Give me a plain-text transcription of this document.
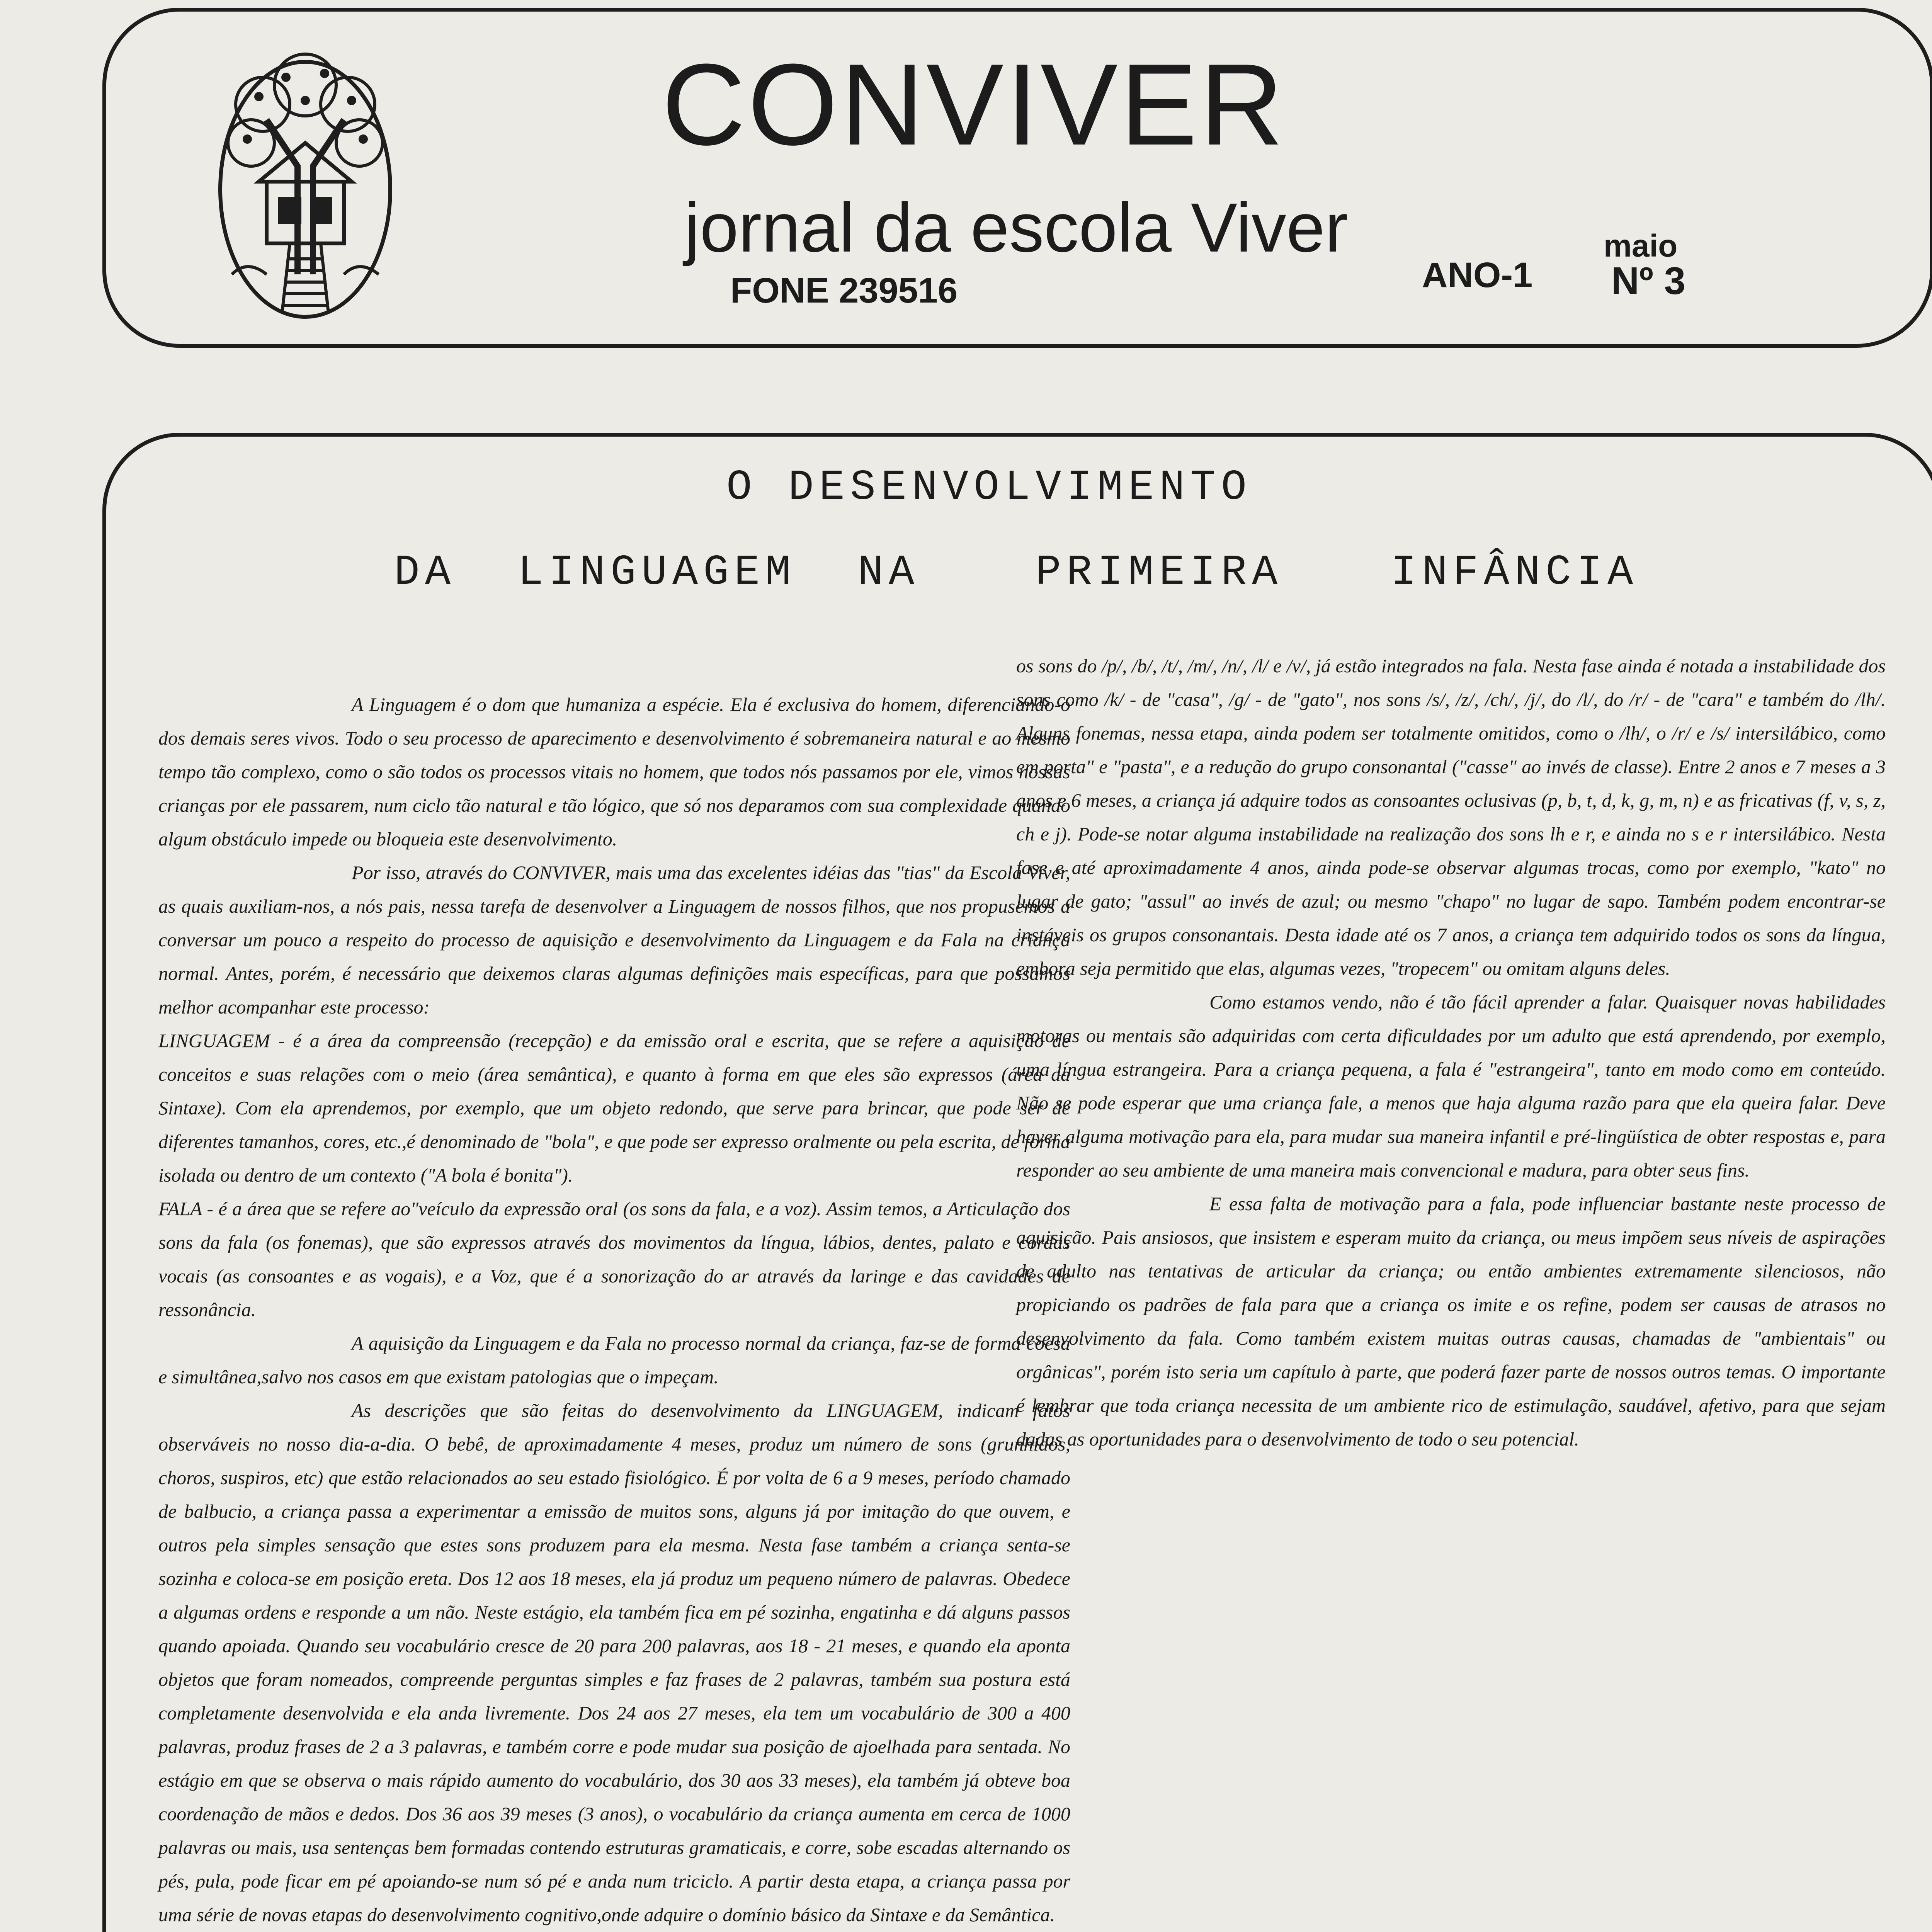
CONVIVER
jornal da escola Viver
FONE 239516	ANO-1
maio
Nº 3
O DESENVOLVIMENTO
DA LINGUAGEM NA	PRIMEIRA	INFÂNCIA

A Linguagem é o dom que humaniza a espécie. Ela é exclusiva do homem, diferenciando-o dos demais seres vivos. Todo o seu processo de aparecimento e desenvolvimento é sobremaneira natural e ao mesmo tempo tão complexo, como o são todos os processos vitais no homem, que todos nós passamos por ele, vimos nossas crianças por ele passarem, num ciclo tão natural e tão lógico, que só nos deparamos com sua complexidade quando algum obstáculo impede ou bloqueia este desenvolvimento.

Por isso, através do CONVIVER, mais uma das excelentes idéias das "tias" da Escola Viver, as quais auxiliam-nos, a nós pais, nessa tarefa de desenvolver a Linguagem de nossos filhos, que nos propusemos a conversar um pouco a respeito do processo de aquisição e desenvolvimento da Linguagem e da Fala na criança normal. Antes, porém, é necessário que deixemos claras algumas definições mais específicas, para que possamos melhor acompanhar este processo:

LINGUAGEM - é a área da compreensão (recepção) e da emissão oral e escrita, que se refere a aquisição de conceitos e suas relações com o meio (área semântica), e quanto à forma em que eles são expressos (área da Sintaxe). Com ela aprendemos, por exemplo, que um objeto redondo, que serve para brincar, que pode ser de diferentes tamanhos, cores, etc.,é denominado de "bola", e que pode ser expresso oralmente ou pela escrita, de forma isolada ou dentro de um contexto ("A bola é bonita").

FALA - é a área que se refere ao"veículo da expressão oral (os sons da fala, e a voz). Assim temos, a Articulação dos sons da fala (os fonemas), que são expressos através dos movimentos da língua, lábios, dentes, palato e cordas vocais (as consoantes e as vogais), e a Voz, que é a sonorização do ar através da laringe e das cavidades de ressonância.

A aquisição da Linguagem e da Fala no processo normal da criança, faz-se de forma coesa e simultânea,salvo nos casos em que existam patologias que o impeçam.

As descrições que são feitas do desenvolvimento da LINGUAGEM, indicam fatos observáveis no nosso dia-a-dia. O bebê, de aproximadamente 4 meses, produz um número de sons (grunhidos, choros, suspiros, etc) que estão relacionados ao seu estado fisiológico. É por volta de 6 a 9 meses, período chamado de balbucio, a criança passa a experimentar a emissão de muitos sons, alguns já por imitação do que ouvem, e outros pela simples sensação que estes sons produzem para ela mesma. Nesta fase também a criança senta-se sozinha e coloca-se em posição ereta. Dos 12 aos 18 meses, ela já produz um pequeno número de palavras. Obedece a algumas ordens e responde a um não. Neste estágio, ela também fica em pé sozinha, engatinha e dá alguns passos quando apoiada. Quando seu vocabulário cresce de 20 para 200 palavras, aos 18 - 21 meses, e quando ela aponta objetos que foram nomeados, compreende perguntas simples e faz frases de 2 palavras, também sua postura está completamente desenvolvida e ela anda livremente. Dos 24 aos 27 meses, ela tem um vocabulário de 300 a 400 palavras, produz frases de 2 a 3 palavras, e também corre e pode mudar sua posição de ajoelhada para sentada. No estágio em que se observa o mais rápido aumento do vocabulário, dos 30 aos 33 meses), ela também já obteve boa coordenação de mãos e dedos. Dos 36 aos 39 meses (3 anos), o vocabulário da criança aumenta em cerca de 1000 palavras ou mais, usa sentenças bem formadas contendo estruturas gramaticais, e corre, sobe escadas alternando os pés, pula, pode ficar em pé apoiando-se num só pé e anda num triciclo. A partir desta etapa, a criança passa por uma série de novas etapas do desenvolvimento cognitivo,onde adquire o domínio básico da Sintaxe e da Semântica.

os sons do /p/, /b/, /t/, /m/, /n/, /l/ e /v/, já estão integrados na fala. Nesta fase ainda é notada a instabilidade dos sons como /k/ - de "casa", /g/ - de "gato", nos sons /s/, /z/, /ch/, /j/, do /l/, do /r/ - de "cara" e também do /lh/. Alguns fonemas, nessa etapa, ainda podem ser totalmente omitidos, como o /lh/, o /r/ e /s/ intersilábico, como em porta" e "pasta", e a redução do grupo consonantal ("casse" ao invés de classe). Entre 2 anos e 7 meses a 3 anos e 6 meses, a criança já adquire todos as consoantes oclusivas (p, b, t, d, k, g, m, n) e as fricativas (f, v, s, z, ch e j). Pode-se notar alguma instabilidade na realização dos sons lh e r, e ainda no s e r intersilábico. Nesta fase e até aproximadamente 4 anos, ainda pode-se observar algumas trocas, como por exemplo, "kato" no lugar de gato; "assul" ao invés de azul; ou mesmo "chapo" no lugar de sapo. Também podem encontrar-se instáveis os grupos consonantais. Desta idade até os 7 anos, a criança tem adquirido todos os sons da língua, embora seja permitido que elas, algumas vezes, "tropecem" ou omitam alguns deles.

Como estamos vendo, não é tão fácil aprender a falar. Quaisquer novas habilidades motoras ou mentais são adquiridas com certa dificuldades por um adulto que está aprendendo, por exemplo, uma língua estrangeira. Para a criança pequena, a fala é "estrangeira", tanto em modo como em conteúdo. Não se pode esperar que uma criança fale, a menos que haja alguma razão para que ela queira falar. Deve haver alguma motivação para ela, para mudar sua maneira infantil e pré-lingüística de obter respostas e, para responder ao seu ambiente de uma maneira mais convencional e madura, para obter seus fins.

E essa falta de motivação para a fala, pode influenciar bastante neste processo de aquisição. Pais ansiosos, que insistem e esperam muito da criança, ou meus impõem seus níveis de aspirações de adulto nas tentativas de articular da criança; ou então ambientes extremamente silenciosos, não propiciando os padrões de fala para que a criança os imite e os refine, podem ser causas de atrasos no desenvolvimento da fala. Como também existem muitas outras causas, chamadas de "ambientais" ou orgânicas", porém isto seria um capítulo à parte, que poderá fazer parte de nossos outros temas. O importante é lembrar que toda criança necessita de um ambiente rico de estimulação, saudável, afetivo, para que sejam dadas as oportunidades para o desenvolvimento de todo o seu potencial.
